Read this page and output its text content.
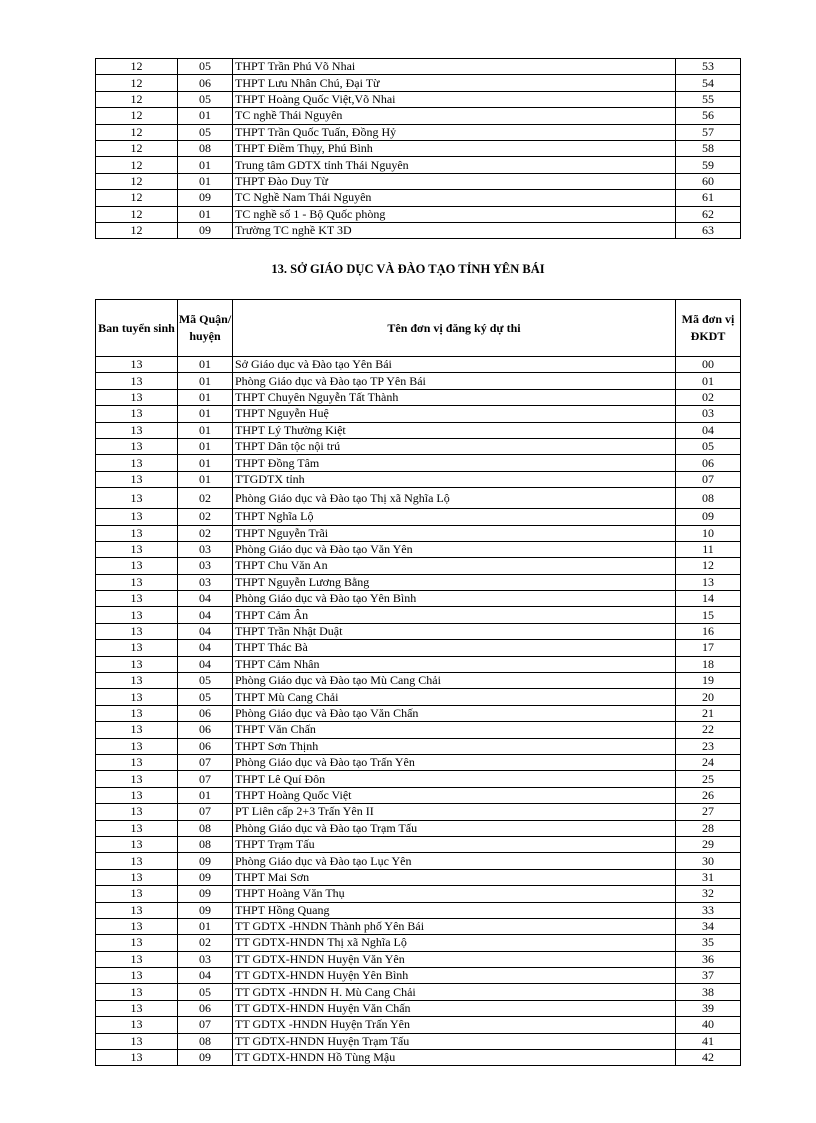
12	05	THPT Trần Phú Võ Nhai	53
12	06	THPT Lưu Nhân Chú, Đại Từ	54
12	05	THPT Hoàng Quốc Việt,Võ Nhai	55
12	01	TC nghề Thái Nguyên	56
12	05	THPT Trần Quốc Tuấn, Đồng Hỷ	57
12	08	THPT Điềm Thụy, Phú Bình	58
12	01	Trung tâm GDTX tỉnh Thái Nguyên	59
12	01	THPT Đào Duy Từ	60
12	09	TC Nghề Nam Thái Nguyên	61
12	01	TC nghề số 1 - Bộ Quốc phòng	62
12	09	Trường TC nghề KT 3D	63
13. SỞ GIÁO DỤC VÀ ĐÀO TẠO TỈNH YÊN BÁI
Ban tuyển sinh	Mã Quận/ huyện	Tên đơn vị đăng ký dự thi	Mã đơn vị ĐKDT
13	01	Sở Giáo dục và Đào tạo Yên Bái	00
13	01	Phòng Giáo dục và Đào tạo TP Yên Bái	01
13	01	THPT Chuyên Nguyễn Tất Thành	02
13	01	THPT Nguyễn Huệ	03
13	01	THPT Lý Thường Kiệt	04
13	01	THPT Dân tộc nội trú	05
13	01	THPT Đồng Tâm	06
13	01	TTGDTX tỉnh	07
13	02	Phòng Giáo dục và Đào tạo Thị xã Nghĩa Lộ	08
13	02	THPT Nghĩa Lộ	09
13	02	THPT Nguyễn Trãi	10
13	03	Phòng Giáo dục và Đào tạo Văn Yên	11
13	03	THPT Chu Văn An	12
13	03	THPT Nguyễn Lương Bằng	13
13	04	Phòng Giáo dục và Đào tạo Yên Bình	14
13	04	THPT Cảm Ân	15
13	04	THPT Trần Nhật Duật	16
13	04	THPT Thác Bà	17
13	04	THPT Cảm Nhân	18
13	05	Phòng Giáo dục và Đào tạo Mù Cang Chải	19
13	05	THPT Mù Cang Chải	20
13	06	Phòng Giáo dục và Đào tạo Văn Chấn	21
13	06	THPT Văn Chấn	22
13	06	THPT Sơn Thịnh	23
13	07	Phòng Giáo dục và Đào tạo Trấn Yên	24
13	07	THPT Lê Quí Đôn	25
13	01	THPT Hoàng Quốc Việt	26
13	07	PT Liên cấp 2+3 Trấn Yên II	27
13	08	Phòng Giáo dục và Đào tạo Trạm Tấu	28
13	08	THPT Trạm Tấu	29
13	09	Phòng Giáo dục và Đào tạo Lục Yên	30
13	09	THPT Mai Sơn	31
13	09	THPT Hoàng Văn Thụ	32
13	09	THPT Hồng Quang	33
13	01	TT GDTX -HNDN Thành phố Yên Bái	34
13	02	TT GDTX-HNDN Thị xã Nghĩa Lộ	35
13	03	TT GDTX-HNDN Huyện Văn Yên	36
13	04	TT GDTX-HNDN Huyện Yên Bình	37
13	05	TT GDTX -HNDN H. Mù Cang Chải	38
13	06	TT GDTX-HNDN Huyện Văn Chấn	39
13	07	TT GDTX -HNDN Huyện Trấn Yên	40
13	08	TT GDTX-HNDN Huyện Trạm Tấu	41
13	09	TT GDTX-HNDN Hồ Tùng Mậu	42
